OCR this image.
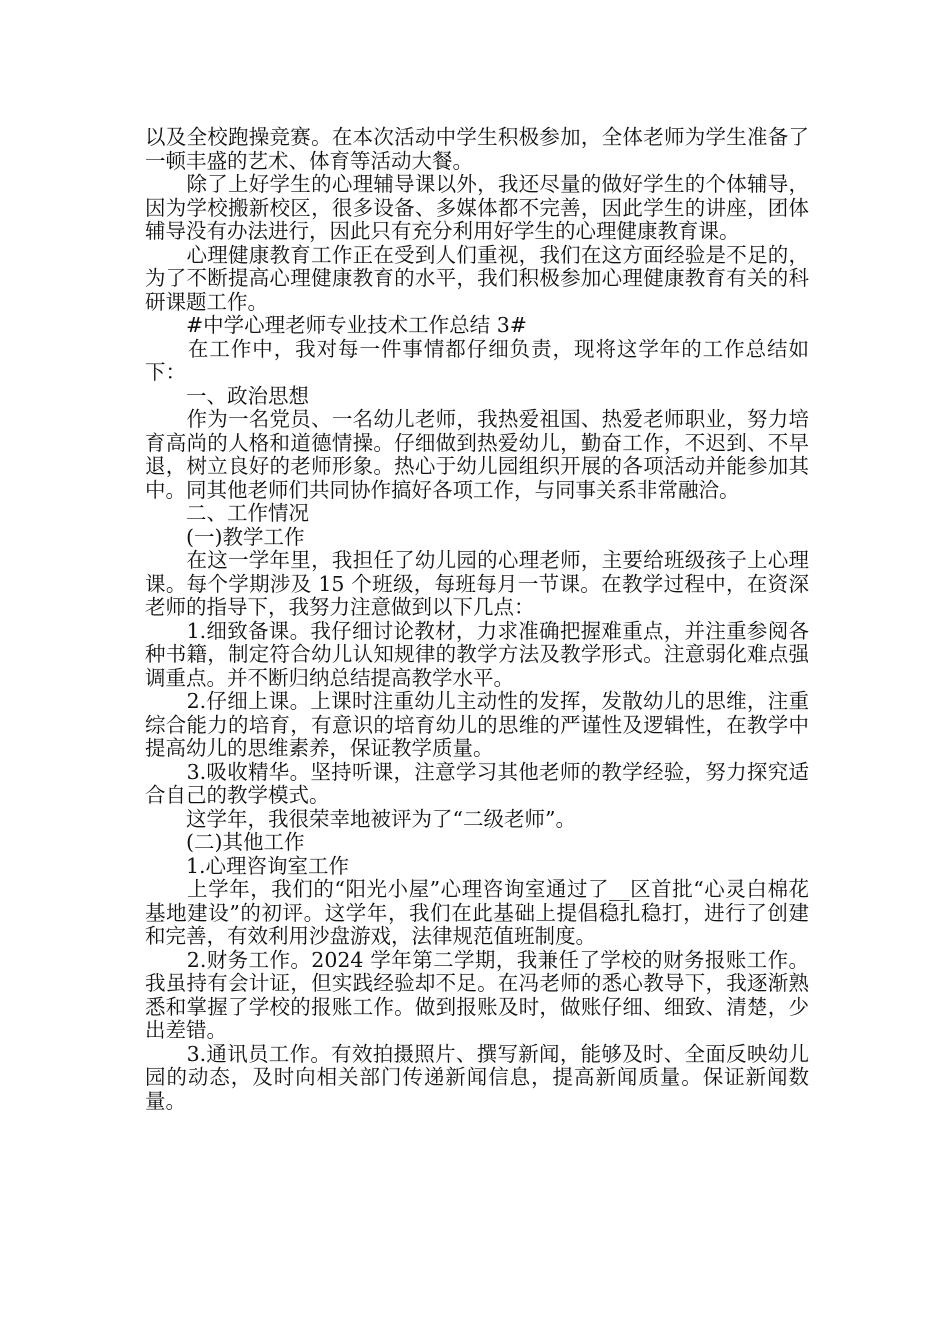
以及全校跑操竞赛。在本次活动中学生积极参加，全体老师为学生准备了一顿丰盛的艺术、体育等活动大餐。

　　除了上好学生的心理辅导课以外，我还尽量的做好学生的个体辅导，因为学校搬新校区，很多设备、多媒体都不完善，因此学生的讲座，团体辅导没有办法进行，因此只有充分利用好学生的心理健康教育课。

　　心理健康教育工作正在受到人们重视，我们在这方面经验是不足的，为了不断提高心理健康教育的水平，我们积极参加心理健康教育有关的科研课题工作。

　　#中学心理老师专业技术工作总结 3#

　　在工作中，我对每一件事情都仔细负责，现将这学年的工作总结如下：

　　一、政治思想

　　作为一名党员、一名幼儿老师，我热爱祖国、热爱老师职业，努力培育高尚的人格和道德情操。仔细做到热爱幼儿，勤奋工作，不迟到、不早退，树立良好的老师形象。热心于幼儿园组织开展的各项活动并能参加其中。同其他老师们共同协作搞好各项工作，与同事关系非常融洽。

　　二、工作情况

　　(一)教学工作

　　在这一学年里，我担任了幼儿园的心理老师，主要给班级孩子上心理课。每个学期涉及 15 个班级，每班每月一节课。在教学过程中，在资深老师的指导下，我努力注意做到以下几点：

　　1.细致备课。我仔细讨论教材，力求准确把握难重点，并注重参阅各种书籍，制定符合幼儿认知规律的教学方法及教学形式。注意弱化难点强调重点。并不断归纳总结提高教学水平。

　　2.仔细上课。上课时注重幼儿主动性的发挥，发散幼儿的思维，注重综合能力的培育，有意识的培育幼儿的思维的严谨性及逻辑性，在教学中提高幼儿的思维素养，保证教学质量。

　　3.吸收精华。坚持听课，注意学习其他老师的教学经验，努力探究适合自己的教学模式。

　　这学年，我很荣幸地被评为了“二级老师”。

　　(二)其他工作

　　1.心理咨询室工作

　　上学年，我们的“阳光小屋”心理咨询室通过了__区首批“心灵白棉花基地建设”的初评。这学年，我们在此基础上提倡稳扎稳打，进行了创建和完善，有效利用沙盘游戏，法律规范值班制度。

　　2.财务工作。2024 学年第二学期，我兼任了学校的财务报账工作。我虽持有会计证，但实践经验却不足。在冯老师的悉心教导下，我逐渐熟悉和掌握了学校的报账工作。做到报账及时，做账仔细、细致、清楚，少出差错。

　　3.通讯员工作。有效拍摄照片、撰写新闻，能够及时、全面反映幼儿园的动态，及时向相关部门传递新闻信息，提高新闻质量。保证新闻数量。
